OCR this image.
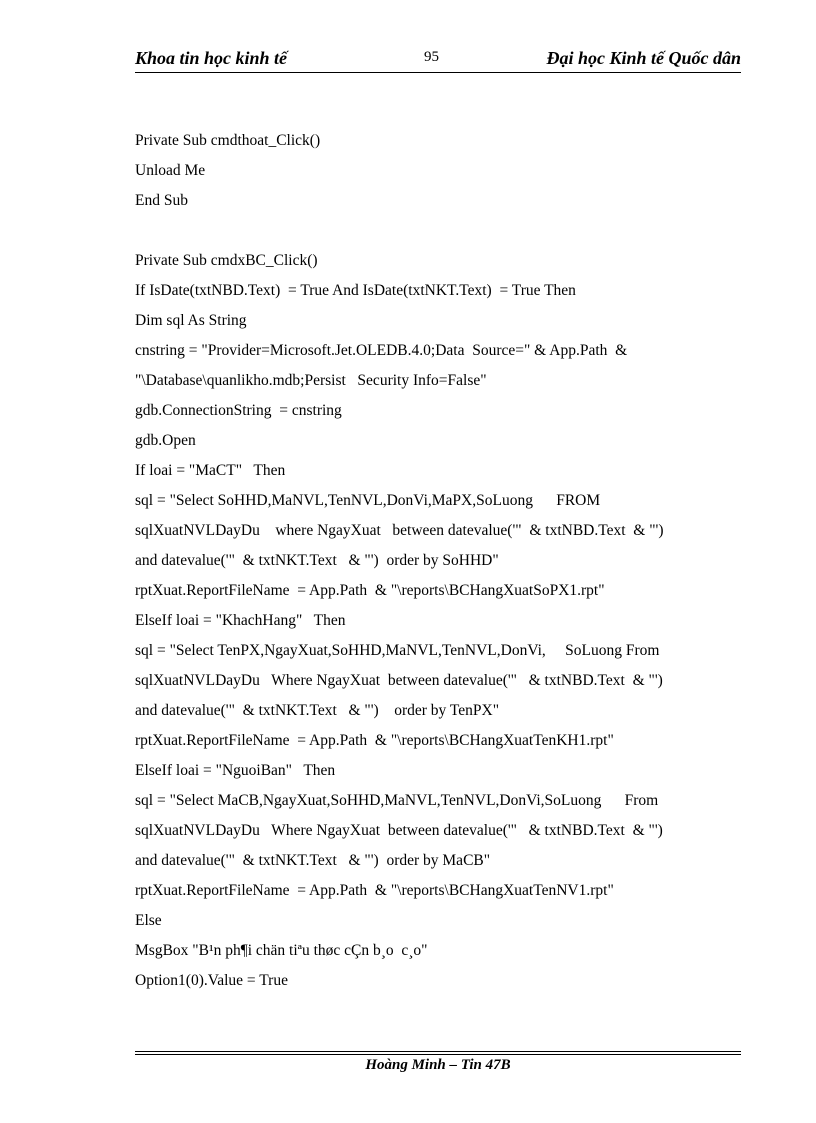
Khoa tin học kinh tế	95	Đại học Kinh tế Quốc dân
Private Sub cmdthoat_Click()
Unload Me
End Sub
Private Sub cmdxBC_Click()
If IsDate(txtNBD.Text)  = True And IsDate(txtNKT.Text)  = True Then
Dim sql As String
cnstring = "Provider=Microsoft.Jet.OLEDB.4.0;Data  Source=" & App.Path  &
"\Database\quanlikho.mdb;Persist   Security Info=False"
gdb.ConnectionString  = cnstring
gdb.Open
If loai = "MaCT"   Then
sql = "Select SoHHD,MaNVL,TenNVL,DonVi,MaPX,SoLuong      FROM
sqlXuatNVLDayDu    where NgayXuat   between datevalue('"  & txtNBD.Text  & "')
and datevalue('"  & txtNKT.Text   & "')  order by SoHHD"
rptXuat.ReportFileName  = App.Path  & "\reports\BCHangXuatSoPX1.rpt"
ElseIf loai = "KhachHang"   Then
sql = "Select TenPX,NgayXuat,SoHHD,MaNVL,TenNVL,DonVi,     SoLuong From
sqlXuatNVLDayDu   Where NgayXuat  between datevalue('"   & txtNBD.Text  & "')
and datevalue('"  & txtNKT.Text   & "')    order by TenPX"
rptXuat.ReportFileName  = App.Path  & "\reports\BCHangXuatTenKH1.rpt"
ElseIf loai = "NguoiBan"   Then
sql = "Select MaCB,NgayXuat,SoHHD,MaNVL,TenNVL,DonVi,SoLuong      From
sqlXuatNVLDayDu   Where NgayXuat  between datevalue('"   & txtNBD.Text  & "')
and datevalue('"  & txtNKT.Text   & "')  order by MaCB"
rptXuat.ReportFileName  = App.Path  & "\reports\BCHangXuatTenNV1.rpt"
Else
MsgBox "B¹n ph¶i chän tiªu thøc cÇn b¸o  c¸o"
Option1(0).Value = True
Hoàng Minh – Tin 47B
